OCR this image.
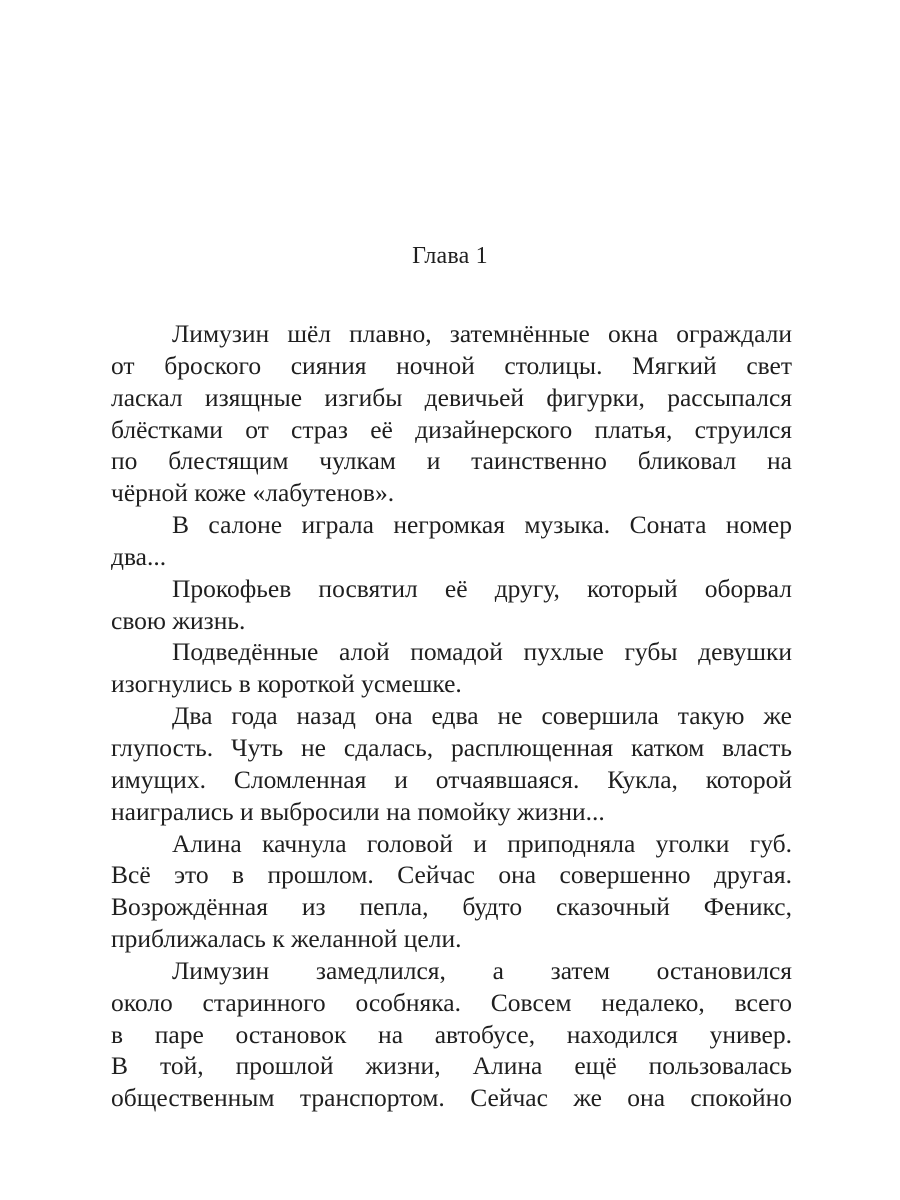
Глава 1
Лимузин шёл плавно, затемнённые окна ограждали
от броского сияния ночной столицы. Мягкий свет
ласкал изящные изгибы девичьей фигурки, рассыпался
блёстками от страз её дизайнерского платья, струился
по блестящим чулкам и таинственно бликовал на
чёрной коже «лабутенов».
В салоне играла негромкая музыка. Соната номер
два...
Прокофьев посвятил её другу, который оборвал
свою жизнь.
Подведённые алой помадой пухлые губы девушки
изогнулись в короткой усмешке.
Два года назад она едва не совершила такую же
глупость. Чуть не сдалась, расплющенная катком власть
имущих. Сломленная и отчаявшаяся. Кукла, которой
наигрались и выбросили на помойку жизни...
Алина качнула головой и приподняла уголки губ.
Всё это в прошлом. Сейчас она совершенно другая.
Возрождённая из пепла, будто сказочный Феникс,
приближалась к желанной цели.
Лимузин замедлился, а затем остановился
около старинного особняка. Совсем недалеко, всего
в паре остановок на автобусе, находился универ.
В той, прошлой жизни, Алина ещё пользовалась
общественным транспортом. Сейчас же она спокойно
